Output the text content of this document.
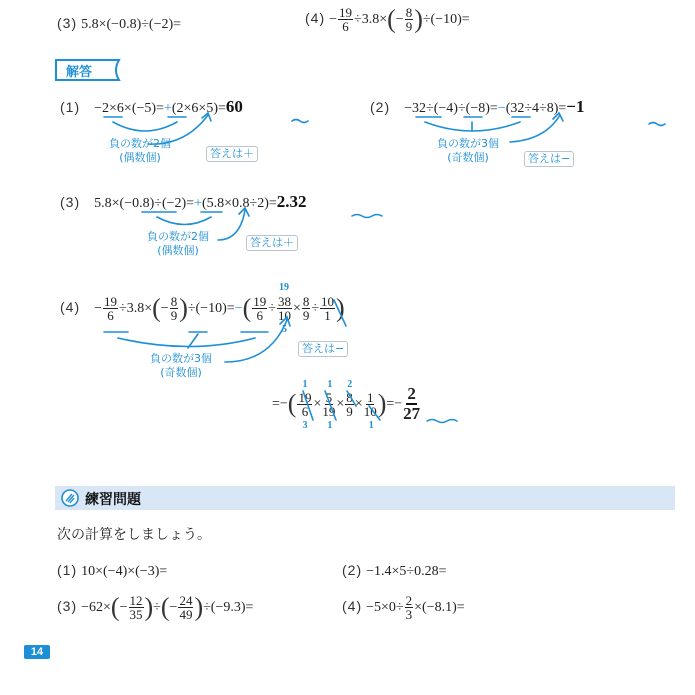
(3) 5.8×(−0.8)÷(−2)=	$(4) - \frac{19}{6} \div 3.8\times(- \frac{8}{9} )\div(-10)=$
解答
(1) −2×6×(−5)=+(2×6×5)=60
負の数が2個
(偶数個)	答えは＋
(2) −32÷(−4)÷(−8)=−(32÷4÷8)=−1
負の数が3個
(奇数個)	答えは−
(3) 5.8×(−0.8)÷(−2)=+(5.8×0.8÷2)=2.32
負の数が2個
(偶数個)
答えは＋
$(4) - \frac{19}{6} \div 3.8\times(- \frac{8}{9} )\div(-10)=-( \frac{19}{6} \div 38$
10
19
5
× $\frac{8}{9} \div \frac{10}{1}$ )
負の数が3個
(奇数個)
答えは−
=−( 19
6
1
3
× 5
19
1
1
× 8
9
2
× 1
10
1
)=− $\frac{2}{27}$
練習問題
次の計算をしましょう。
(1) 10×(−4)×(−3)=	(2) −1.4×5÷0.28=
$(3) -62\times(- \frac{12}{35}$ )÷(− $\frac{24}{49} )\div(-9.3)=$	$(4) -5\times 0\div \frac{2}{3} \times(-8.1)=$
14
